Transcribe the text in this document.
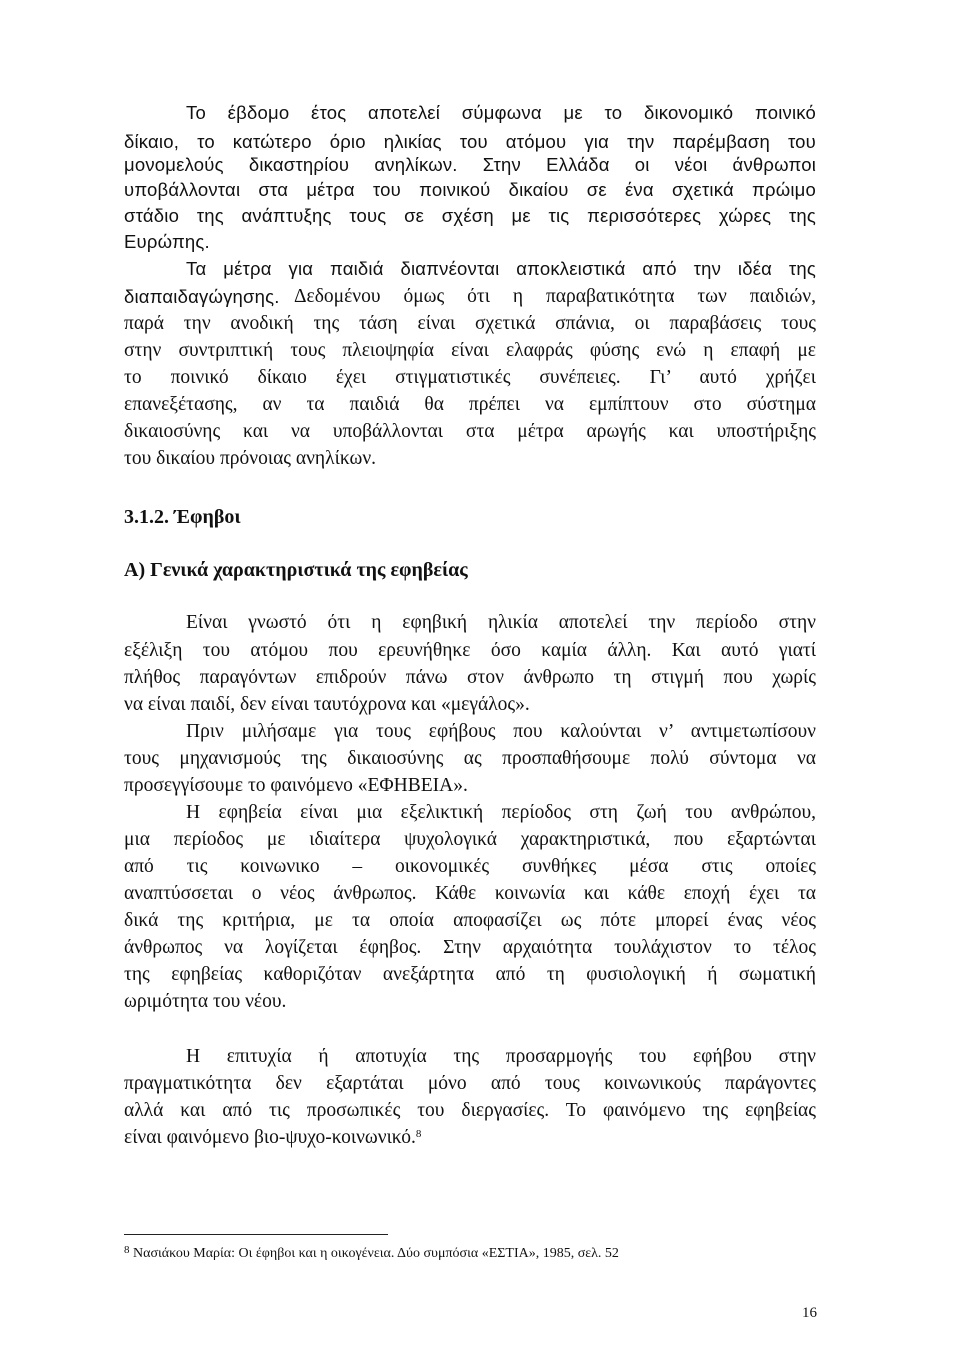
Το έβδομο έτος αποτελεί σύμφωνα με το δικονομικό ποινικό
δίκαιο, το κατώτερο όριο ηλικίας του ατόμου για την παρέμβαση του
μονομελούς δικαστηρίου ανηλίκων. Στην Ελλάδα οι νέοι άνθρωποι
υποβάλλονται στα μέτρα του ποινικού δικαίου σε ένα σχετικά πρώιμο
στάδιο της ανάπτυξης τους σε σχέση με τις περισσότερες χώρες της
Ευρώπης.
Τα μέτρα για παιδιά διαπνέονται αποκλειστικά από την ιδέα της
διαπαιδαγώγησης. Δεδομένου όμως ότι η παραβατικότητα των παιδιών,
παρά την ανοδική της τάση είναι σχετικά σπάνια, οι παραβάσεις τους
στην συντριπτική τους πλειοψηφία είναι ελαφράς φύσης ενώ η επαφή με
το ποινικό δίκαιο έχει στιγματιστικές συνέπειες. Γι’ αυτό χρήζει
επανεξέτασης, αν τα παιδιά θα πρέπει να εμπίπτουν στο σύστημα
δικαιοσύνης και να υποβάλλονται στα μέτρα αρωγής και υποστήριξης
του δικαίου πρόνοιας ανηλίκων.
3.1.2. Έφηβοι
Α) Γενικά χαρακτηριστικά της εφηβείας
Είναι γνωστό ότι η εφηβική ηλικία αποτελεί την περίοδο στην
εξέλιξη του ατόμου που ερευνήθηκε όσο καμία άλλη. Και αυτό γιατί
πλήθος παραγόντων επιδρούν πάνω στον άνθρωπο τη στιγμή που χωρίς
να είναι παιδί, δεν είναι ταυτόχρονα και «μεγάλος».
Πριν μιλήσαμε για τους εφήβους που καλούνται ν’ αντιμετωπίσουν
τους μηχανισμούς της δικαιοσύνης ας προσπαθήσουμε πολύ σύντομα να
προσεγγίσουμε το φαινόμενο «ΕΦΗΒΕΙΑ».
Η εφηβεία είναι μια εξελικτική περίοδος στη ζωή του ανθρώπου,
μια περίοδος με ιδιαίτερα ψυχολογικά χαρακτηριστικά, που εξαρτώνται
από τις κοινωνικο – οικονομικές συνθήκες μέσα στις οποίες
αναπτύσσεται ο νέος άνθρωπος. Κάθε κοινωνία και κάθε εποχή έχει τα
δικά της κριτήρια, με τα οποία αποφασίζει ως πότε μπορεί ένας νέος
άνθρωπος να λογίζεται έφηβος. Στην αρχαιότητα τουλάχιστον το τέλος
της εφηβείας καθοριζόταν ανεξάρτητα από τη φυσιολογική ή σωματική
ωριμότητα του νέου.
Η επιτυχία ή αποτυχία της προσαρμογής του εφήβου στην
πραγματικότητα δεν εξαρτάται μόνο από τους κοινωνικούς παράγοντες
αλλά και από τις προσωπικές του διεργασίες. Το φαινόμενο της εφηβείας
είναι φαινόμενο βιο-ψυχο-κοινωνικό.$^8$
$^8$ Νασιάκου Μαρία: Οι έφηβοι και η οικογένεια. Δύο συμπόσια «ΕΣΤΙΑ», 1985, σελ. 52
16
